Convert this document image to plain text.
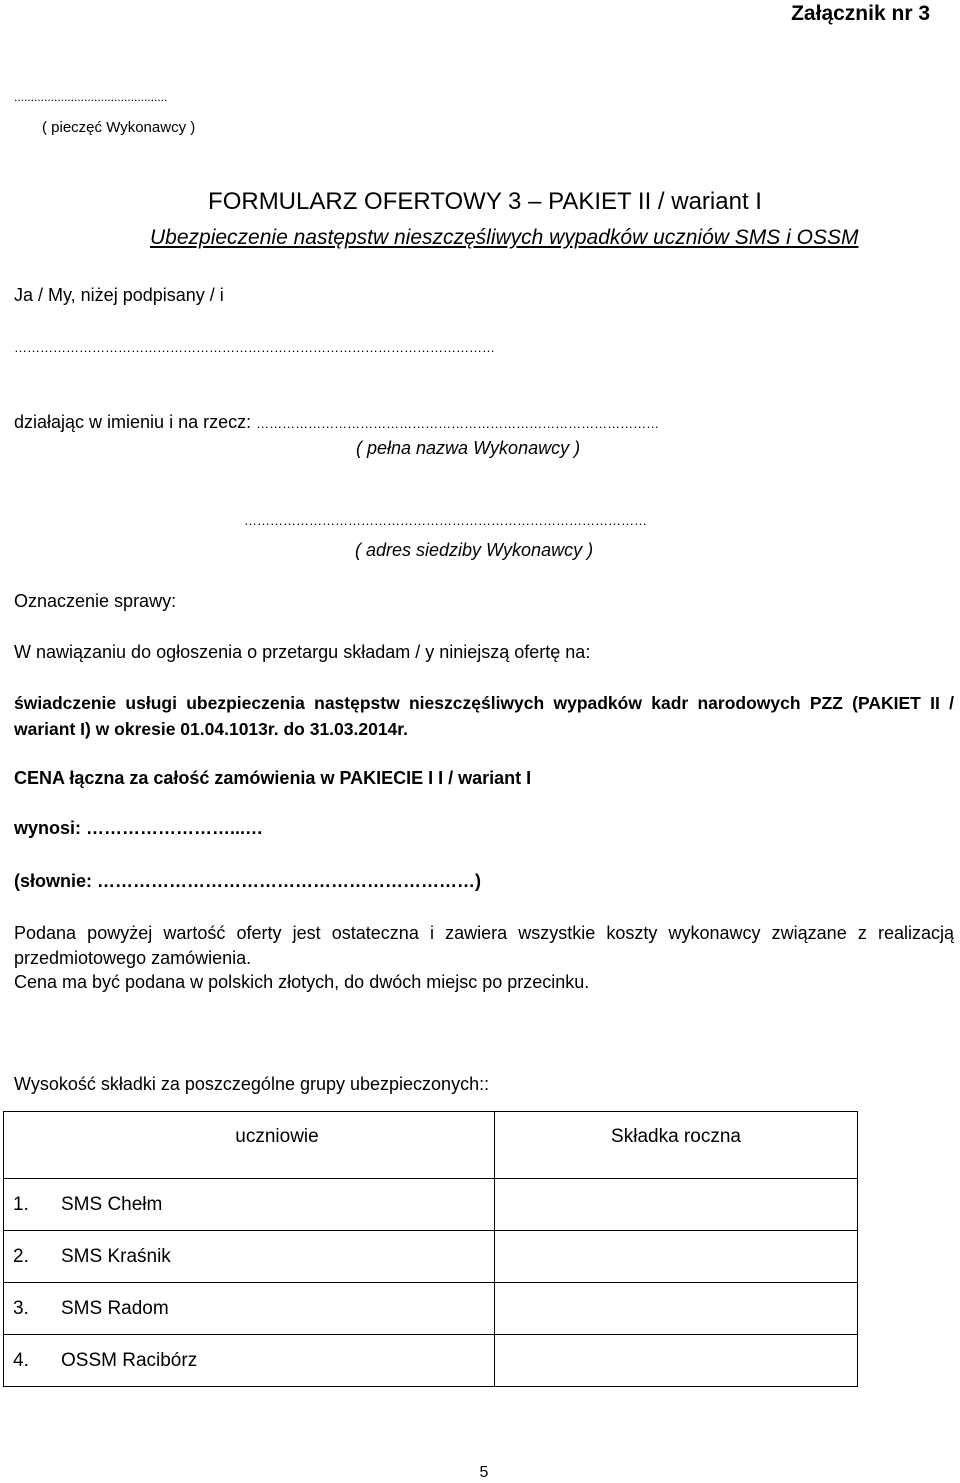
Załącznik nr 3
..............................................
( pieczęć Wykonawcy )
FORMULARZ OFERTOWY 3 – PAKIET II / wariant I
Ubezpieczenie następstw nieszczęśliwych wypadków uczniów SMS i OSSM
Ja / My, niżej podpisany / i
…………………………………………………………………………………………………
działając w imieniu i na rzecz: …………………………………………………………………………………
( pełna nazwa Wykonawcy )
…………………………………………………………………………………
( adres siedziby Wykonawcy )
Oznaczenie sprawy:
W nawiązaniu do ogłoszenia o przetargu składam / y niniejszą ofertę na:
świadczenie usługi ubezpieczenia następstw nieszczęśliwych wypadków kadr narodowych PZZ (PAKIET II / wariant I) w okresie 01.04.1013r. do 31.03.2014r.
CENA łączna za całość zamówienia w PAKIECIE I I / wariant I
wynosi: ……………………...…
(słownie: ………………………………………………………)
Podana powyżej wartość oferty jest ostateczna i zawiera wszystkie koszty wykonawcy związane z realizacją przedmiotowego zamówienia.
Cena ma być podana w polskich złotych, do dwóch miejsc po przecinku.
Wysokość składki za poszczególne grupy ubezpieczonych::
uczniowie	Składka roczna
1. SMS Chełm	
2. SMS Kraśnik	
3. SMS Radom	
4. OSSM Racibórz	
5
